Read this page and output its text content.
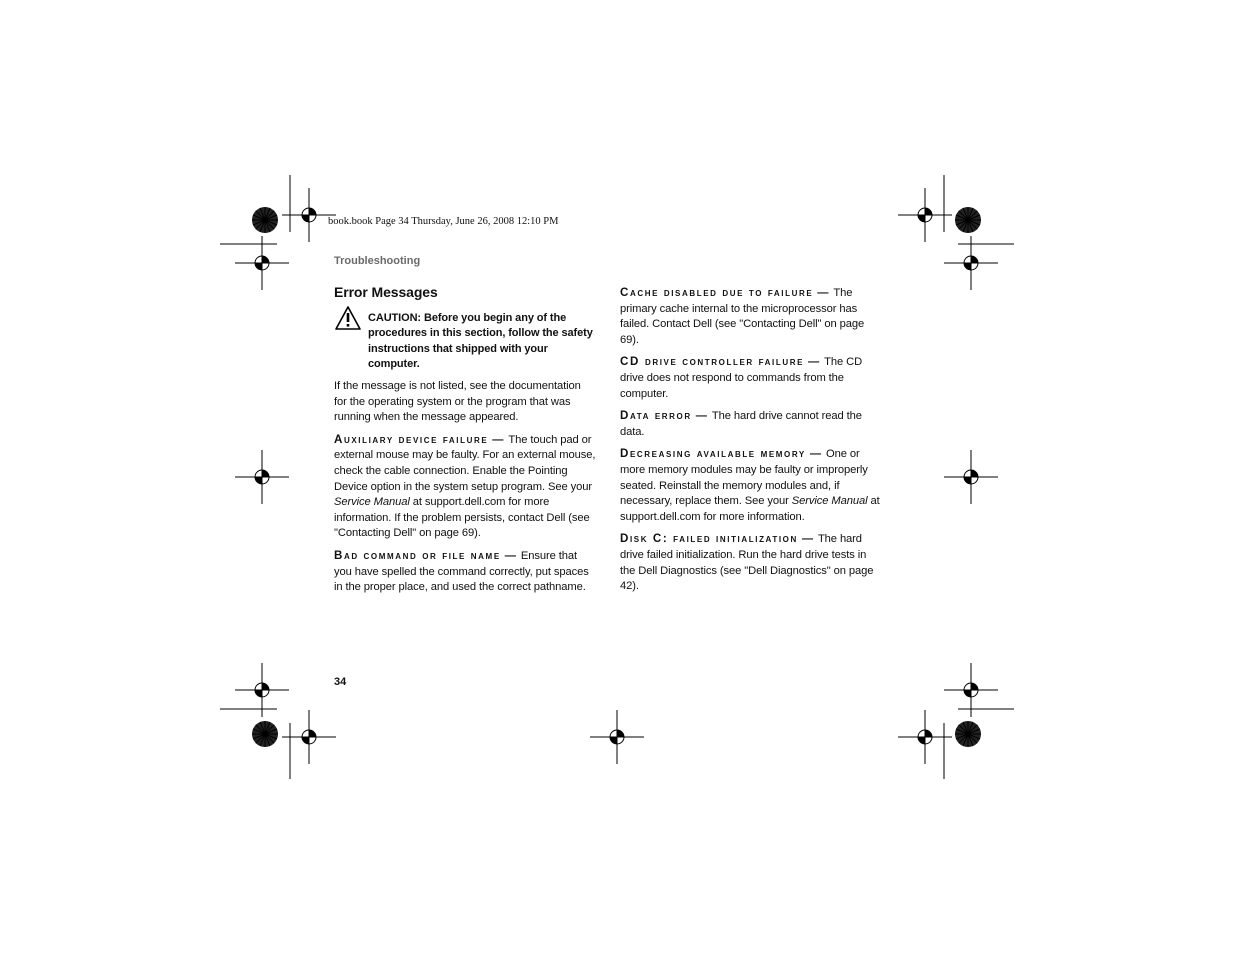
book.book Page 34 Thursday, June 26, 2008 12:10 PM
Troubleshooting
Error Messages
CAUTION: Before you begin any of the procedures in this section, follow the safety instructions that shipped with your computer.

If the message is not listed, see the documentation for the operating system or the program that was running when the message appeared.

Auxiliary device failure — The touch pad or external mouse may be faulty. For an external mouse, check the cable connection. Enable the Pointing Device option in the system setup program. See your Service Manual at support.dell.com for more information. If the problem persists, contact Dell (see "Contacting Dell" on page 69).

Bad command or file name — Ensure that you have spelled the command correctly, put spaces in the proper place, and used the correct pathname.

Cache disabled due to failure — The primary cache internal to the microprocessor has failed. Contact Dell (see "Contacting Dell" on page 69).

CD drive controller failure — The CD drive does not respond to commands from the computer.

Data error — The hard drive cannot read the data.

Decreasing available memory — One or more memory modules may be faulty or improperly seated. Reinstall the memory modules and, if necessary, replace them. See your Service Manual at support.dell.com for more information.

Disk C: failed initialization — The hard drive failed initialization. Run the hard drive tests in the Dell Diagnostics (see "Dell Diagnostics" on page 42).

34
